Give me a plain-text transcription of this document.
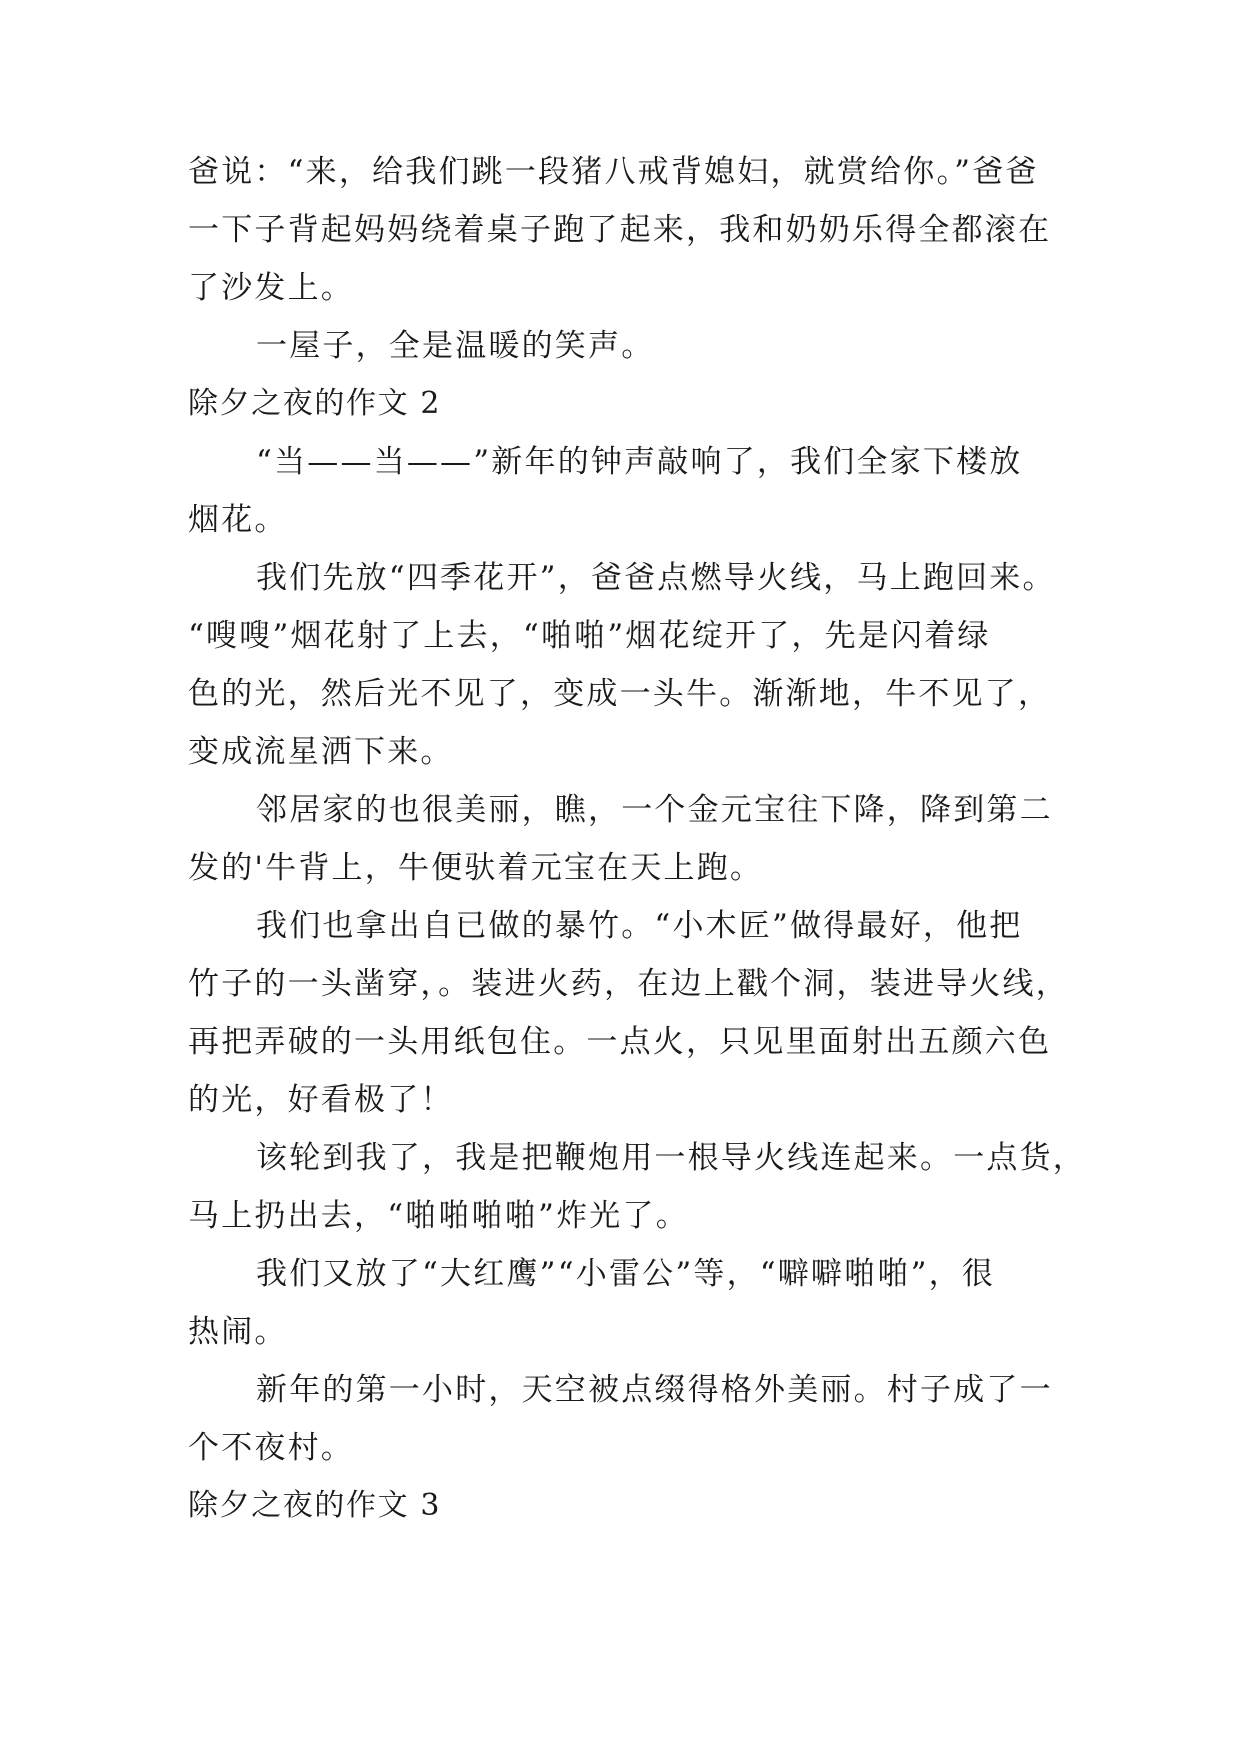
爸说：“来，给我们跳一段猪八戒背媳妇，就赏给你。”爸爸
一下子背起妈妈绕着桌子跑了起来，我和奶奶乐得全都滚在
了沙发上。
一屋子，全是温暖的笑声。
除夕之夜的作文 2
“当——当——”新年的钟声敲响了，我们全家下楼放
烟花。
我们先放“四季花开”，爸爸点燃导火线，马上跑回来。
“嗖嗖”烟花射了上去，“啪啪”烟花绽开了，先是闪着绿
色的光，然后光不见了，变成一头牛。渐渐地，牛不见了，
变成流星洒下来。
邻居家的也很美丽，瞧，一个金元宝往下降，降到第二
发的'牛背上，牛便驮着元宝在天上跑。
我们也拿出自已做的暴竹。“小木匠”做得最好，他把
竹子的一头凿穿，。装进火药，在边上戳个洞，装进导火线，
再把弄破的一头用纸包住。一点火，只见里面射出五颜六色
的光，好看极了！
该轮到我了，我是把鞭炮用一根导火线连起来。一点货，
马上扔出去，“啪啪啪啪”炸光了。
我们又放了“大红鹰”“小雷公”等，“噼噼啪啪”，很
热闹。
新年的第一小时，天空被点缀得格外美丽。村子成了一
个不夜村。
除夕之夜的作文 3
